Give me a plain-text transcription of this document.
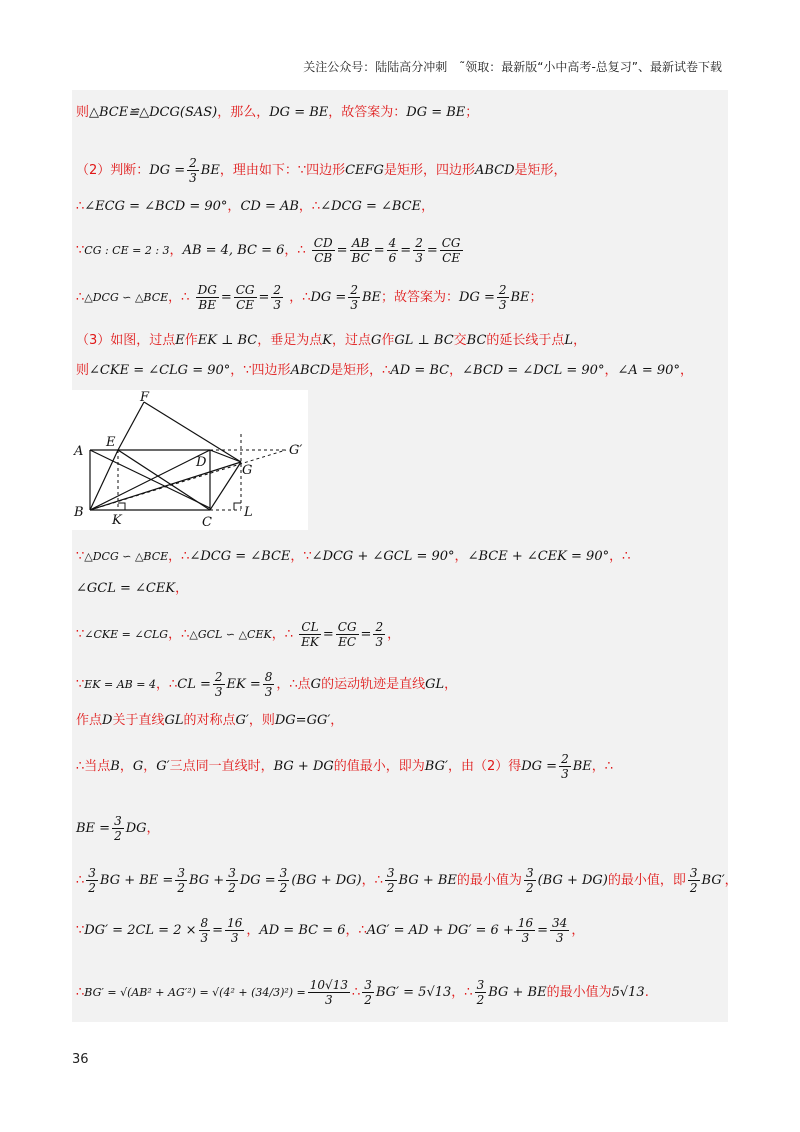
关注公众号：陆陆高分冲刺　˜领取：最新版“小中高考-总复习”、最新试卷下载
则△BCE≌△DCG(SAS)，那么，DG = BE，故答案为：DG = BE；
（2）判断：DG = $\frac{2}{3}$ BE，理由如下：∵四边形CEFG是矩形，四边形ABCD是矩形，
∴∠ECG = ∠BCD = 90°，CD = AB，∴∠DCG = ∠BCE，
∵CG : CE = 2 : 3，AB = 4, BC = 6，∴ $\frac{CD}{CB} = \frac{AB}{BC} = \frac{4}{6} = \frac{2}{3} = \frac{CG}{CE}$
∴△DCG ∽ △BCE，∴ $\frac{DG}{BE} = \frac{CG}{CE} = \frac{2}{3}$ ，∴DG = $\frac{2}{3}$ BE；故答案为：DG = $\frac{2}{3}$ BE；
（3）如图，过点E作EK ⊥ BC，垂足为点K，过点G作GL ⊥ BC交BC的延长线于点L，
则∠CKE = ∠CLG = 90°，∵四边形ABCD是矩形，∴AD = BC，∠BCD = ∠DCL = 90°，∠A = 90°，
A
B
C
D
E
F
G
G′
K
L
∵△DCG ∽ △BCE，∴∠DCG = ∠BCE，∵∠DCG + ∠GCL = 90°，∠BCE + ∠CEK = 90°，∴
∠GCL = ∠CEK，
∵∠CKE = ∠CLG，∴△GCL ∽ △CEK，∴ $\frac{CL}{EK} = \frac{CG}{EC} = \frac{2}{3}$ ，
∵EK = AB = 4，∴CL = $\frac{2}{3}$ EK = $\frac{8}{3}$ ，∴点G的运动轨迹是直线GL，
作点D关于直线GL的对称点G′，则DG=GG′，
∴当点B，G，G′三点同一直线时，BG + DG的值最小，即为BG′，由（2）得DG = $\frac{2}{3}$ BE，∴
BE = $\frac{3}{2}$ DG，
∴ $\frac{3}{2}$ BG + BE = $\frac{3}{2}$ BG + $\frac{3}{2}$ DG = $\frac{3}{2} (BG + DG)$，∴ $\frac{3}{2}$ BG + BE的最小值为 $\frac{3}{2} (BG + DG)$的最小值，即 $\frac{3}{2} BG'$，
∵DG′ = $2CL = 2 \times \frac{8}{3} = \frac{16}{3}$ ，AD = BC = 6，∴AG′ = AD + $DG' = 6 + \frac{16}{3} = \frac{34}{3}$ ，
∴BG′ = $√(AB^2 + AG'^2) = √(4^2 + (34/3)^2) = \frac{10√13}{3}$ ∴ $\frac{3}{2} BG' = 5√13$，∴ $\frac{3}{2}$ BG + BE的最小值为5√13.
36
